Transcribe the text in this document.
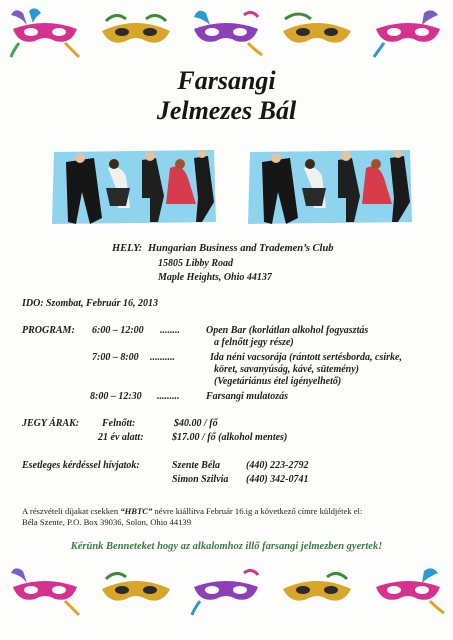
Farsangi
Jelmezes Bál
HELY: Hungarian Business and Trademen’s Club
15805 Libby Road
Maple Heights, Ohio 44137
IDO: Szombat, Február 16, 2013
PROGRAM: 6:00 – 12:00 ........	Open Bar (korlátlan alkohol fogyasztás
a felnőtt jegy része)
7:00 – 8:00 ..........	Ida néni vacsorája (rántott sertésborda, csirke,
köret, savanyúság, kávé, sütemény)
(Vegetáriánus étel igényelhető)
8:00 – 12:30 .........	Farsangi mulatozás
JEGY ÁRAK: Felnőtt:	$40.00 / fő
21 év alatt:	$17.00 / fő (alkohol mentes)
Esetleges kérdéssel hívjatok:	Szente Béla	(440) 223-2792
Simon Szilvia (440) 342-0741
A részvételi díjakat csekken “HBTC” névre kiállítva Február 16.ig a következő címre küldjétek el:
Béla Szente, P.O. Box 39036, Solon, Ohio 44139
Kérünk Benneteket hogy az alkalomhoz illő farsangi jelmezben gyertek!
